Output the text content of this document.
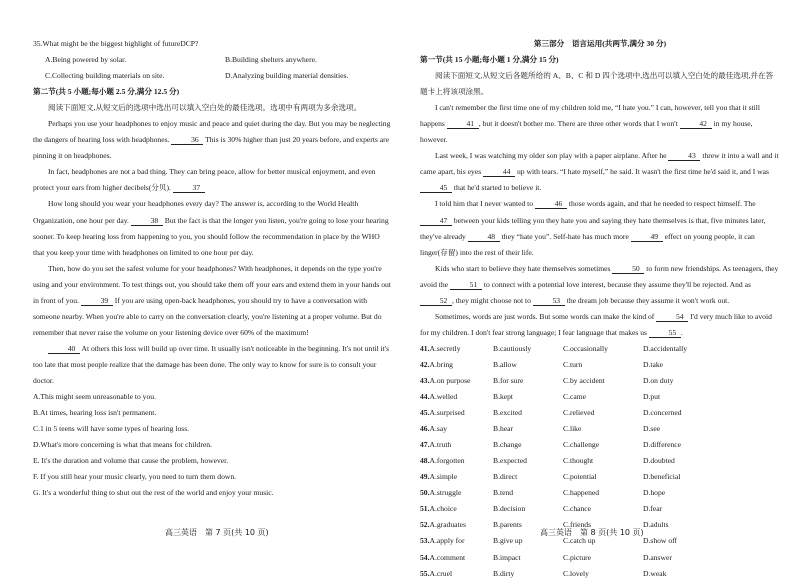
35.What might be the biggest highlight of futureDCP?

A.Being powered by solar.	B.Building shelters anywhere.
C.Collecting building materials on site.	D.Analyzing building material densities.

第二节(共 5 小题;每小题 2.5 分,满分 12.5 分)

阅读下面短文,从短文后的选项中选出可以填入空白处的最佳选项。选项中有两项为多余选项。

Perhaps you use your headphones to enjoy music and peace and quiet during the day. But you may be neglecting the dangers of hearing loss with headphones.	36 This is 30% higher than just 20 years before, and experts are pinning it on headphones.

In fact, headphones are not a bad thing. They can bring peace, allow for better musical enjoyment, and even protect your ears from higher decibels(分贝).	37

How long should you wear your headphones every day? The answer is, according to the World Health Organization, one hour per day.	38 But the fact is that the longer you listen, you're going to lose your hearing sooner. To keep hearing loss from happening to you, you should follow the recommendation in place by the WHO that you keep your time with headphones on limited to one hour per day.

Then, how do you set the safest volume for your headphones? With headphones, it depends on the type you're using and your environment. To test things out, you should take them off your ears and extend them in your hands out in front of you.	39 If you are using open-back headphones, you should try to have a conversation with someone nearby. When you're able to carry on the conversation clearly, you're listening at a proper volume. But do remember that never raise the volume on your listening device over 60% of the maximum!

40 At others this loss will build up over time. It usually isn't noticeable in the beginning. It's not until it's too late that most people realize that the damage has been done. The only way to know for sure is to consult your doctor.

A.This might seem unreasonable to you.

B.At times, hearing loss isn't permanent.

C.1 in 5 teens will have some types of hearing loss.

D.What's more concerning is what that means for children.

E. It's the duration and volume that cause the problem, however.

F. If you still hear your music clearly, you need to turn them down.

G. It's a wonderful thing to shut out the rest of the world and enjoy your music.

第三部分　语言运用(共两节,满分 30 分)

第一节(共 15 小题;每小题 1 分,满分 15 分)

阅读下面短文,从短文后各题所给的 A、B、C 和 D 四个选项中,选出可以填入空白处的最佳选项,并在答题卡上将该项涂黑。

I can't remember the first time one of my children told me, “I hate you.” I can, however, tell you that it still happens	41 , but it doesn't bother me. There are three other words that I won't	42 in my house, however.

Last week, I was watching my older son play with a paper airplane. After he	43 threw it into a wall and it came apart, his eyes	44 up with tears. “I hate myself,” he said. It wasn't the first time he'd said it, and I was 45 that he'd started to believe it.

I told him that I never wanted to	46 those words again, and that he needed to respect himself. The 47 between your kids telling you they hate you and saying they hate themselves is that, five minutes later, they've already	48 they “hate you”. Self-hate has much more	49 effect on young people, it can linger(存留) into the rest of their life.

Kids who start to believe they hate themselves sometimes	50 to form new friendships. As teenagers, they avoid the	51 to connect with a potential love interest, because they assume they'll be rejected. And as 52 , they might choose not to	53 the dream job because they assume it won't work out.

Sometimes, words are just words. But some words can make the kind of	54 I'd very much like to avoid for my children. I don't fear strong language; I fear language that makes us	55 .

41.A.secretly	B.cautiously	C.occasionally	D.accidentally
42.A.bring	B.allow	C.turn	D.take
43.A.on purpose	B.for sure	C.by accident	D.on duty
44.A.welled	B.kept	C.came	D.put
45.A.surprised	B.excited	C.relieved	D.concerned
46.A.say	B.hear	C.like	D.see
47.A.truth	B.change	C.challenge	D.difference
48.A.forgotten	B.expected	C.thought	D.doubted
49.A.simple	B.direct	C.potential	D.beneficial
50.A.struggle	B.tend	C.happened	D.hope
51.A.choice	B.decision	C.chance	D.fear
52.A.graduates	B.parents	C.friends	D.adults
53.A.apply for	B.give up	C.catch up	D.show off
54.A.comment	B.impact	C.picture	D.answer
55.A.cruel	B.dirty	C.lovely	D.weak
高三英语　第 7 页(共 10 页)	高三英语　第 8 页(共 10 页)
